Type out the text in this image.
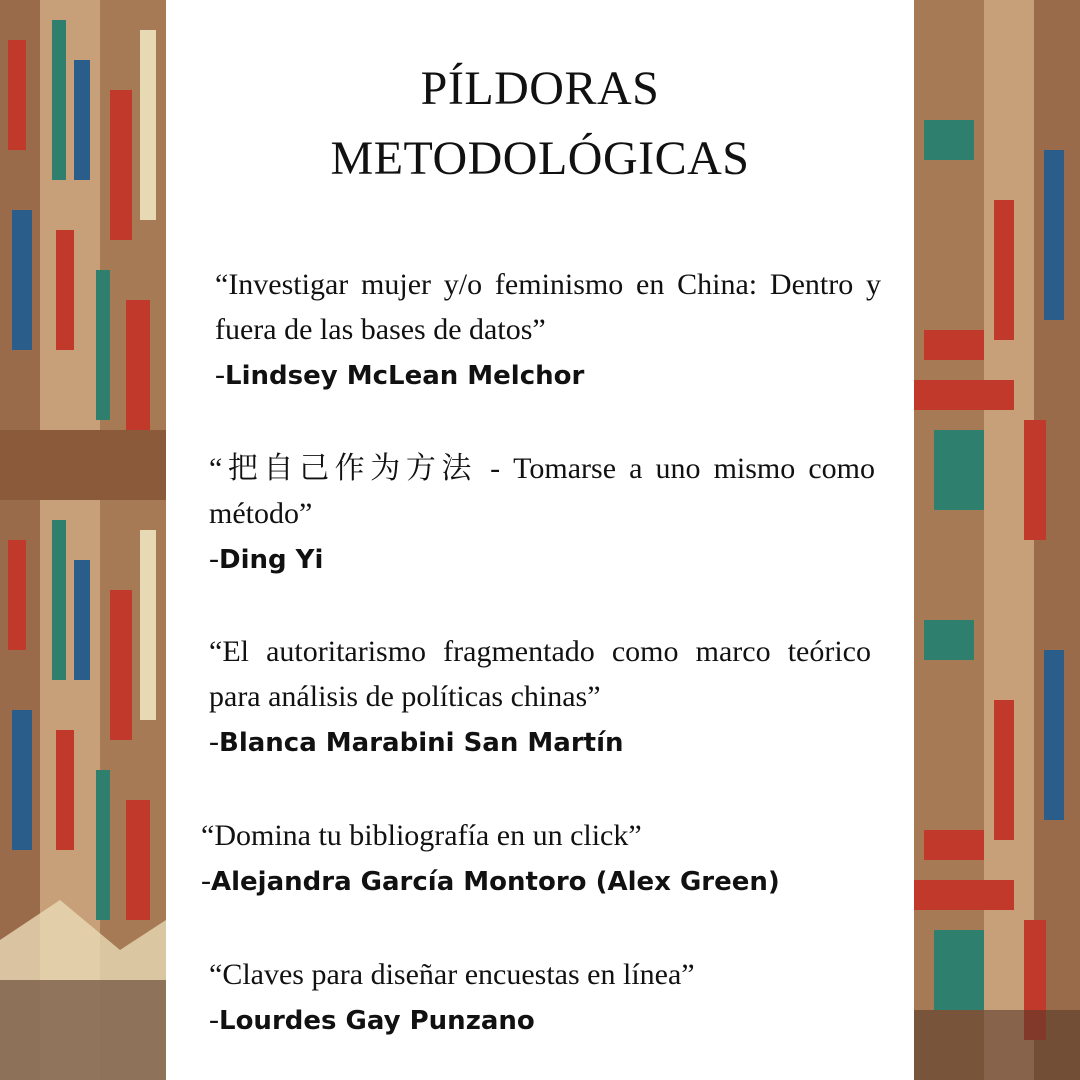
PÍLDORAS
METODOLÓGICAS
“Investigar mujer y/o feminismo en China: Dentro y fuera de las bases de datos”
-Lindsey McLean Melchor
“把自己作为方法 - Tomarse a uno mismo como método”
-Ding Yi
“El autoritarismo fragmentado como marco teórico para análisis de políticas chinas”
-Blanca Marabini San Martín
“Domina tu bibliografía en un click”
-Alejandra García Montoro (Alex Green)
“Claves para diseñar encuestas en línea”
-Lourdes Gay Punzano
